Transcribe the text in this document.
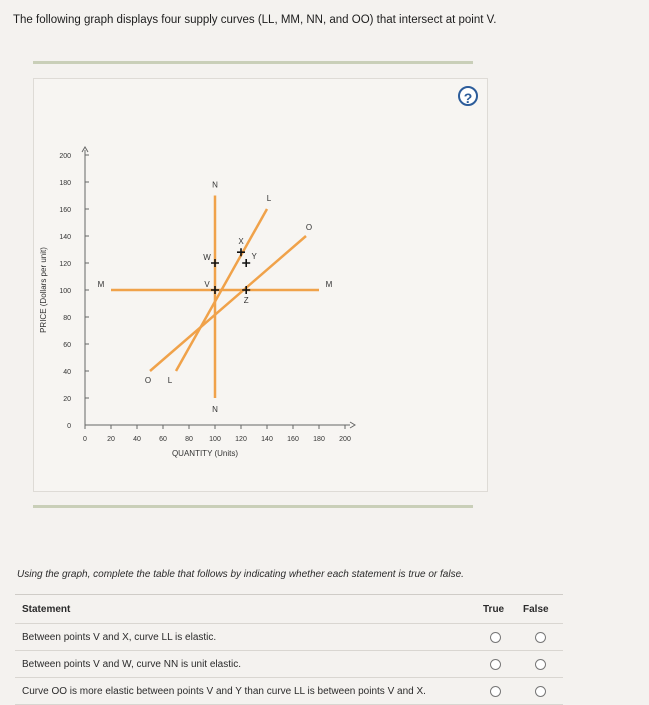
The following graph displays four supply curves (LL, MM, NN, and OO) that intersect at point V.
?
0	20	40	60	80 100 120 140 160 180 200
0
20
40
60
80
100
120
140
160
180
200
QUANTITY (Units)
PRICE (Dollars per unit)
L
L
M	M
N
N
O
O
V
W
X
Y
Z
Using the graph, complete the table that follows by indicating whether each statement is true or false.
Statement	True False
Between points V and X, curve LL is elastic.
Between points V and W, curve NN is unit elastic.
Curve OO is more elastic between points V and Y than curve LL is between points V and X.
